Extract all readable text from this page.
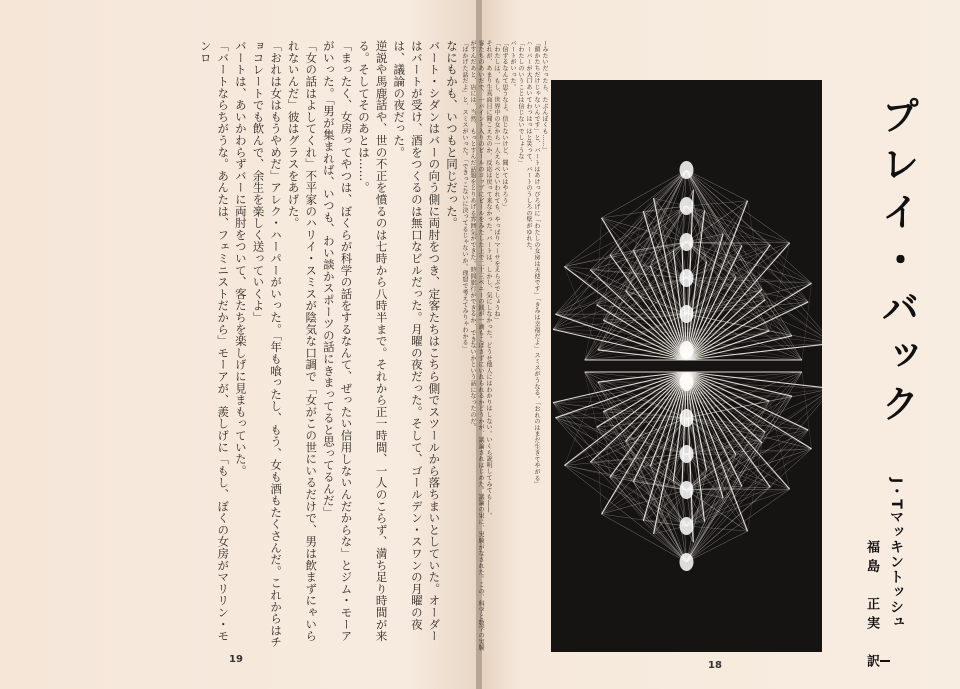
なにもかも、いつもと同じだった。
バート・シダンはバーの向う側に両肘をつき、定客たちはこちら側でスツールから落ちまいとしていた。オーダーはバートが受け、酒をつくるのは無口なビルだった。月曜の夜だった。そして、ゴールデン・スワンの月曜の夜は、議論の夜だった。
逆説や馬鹿話や、世の不正を憤るのは七時から八時半まで。それから正一時間、一人のこらず、満ち足り時間が来る。そしてそのあとは……。
「まったく、女房ってやつは、ぼくらが科学の話をするなんて、ぜったい信用しないんだからな」とジム・モーアがいった。「男が集まれば、いつも、わい談かスポーツの話にきまってると思ってるんだ」
「女の話はよしてくれ」不平家のハリイ・スミスが陰気な口調で「女がこの世にいるだけで、男は飲まずにゃいられないんだ」彼はグラスをあげた。
「おれは女はもうやめだ」アレク・ハーパーがいった。「年も喰ったし、もう、女も酒もたくさんだ。これからはチョコレートでも飲んで、余生を楽しく送っていくよ」
バートは、あいかわらずバーに両肘をついて、客たちを楽しげに見まもっていた。
「バートならちがうな。あんたは、フェミニストだから」モーアが、羨しげに「もし、ぼくの女房がマリリン・モンロ
19
プレイ・バック
J・Tマッキントッシュ
福島　正実　訳
18
ーみたいだったら、たぶんぼくも……」
「顔かたちだけじゃないんです」と、バートはあけっぴろげに「わたしの女房は天使です」「きみは幸福だよ」スミスがうなる。「おれのはまだ生きてやがる」
ハーパーが大口あいてわっはっはと笑って、バートのうしろの壁がゆれた。
「わたしのいうことは信じないでしょうな」
バートがいった。
「信ずるなんて思うなよ。信じないけど、聞いてはやろう」
「わたしは、もし、世界中の女から一人えらべといわれても、やっぱりマーサをえらぶでしょうね」
それが、あまり生真面目に聞こえたのか、反応は戻って来なかった。バートは、しかし、気にしなかった。どうせ他人にはわかりはしない。いくら説明してみても――。
客たちのあいだで、一パイント入りのビールのコップにビールをみたした上で二十三ペニーの銭が一滴もこぼさずにいれられるかどうかが、議論されはじめた。議論の果に、実験がなされた。この、科学と数学の実験がすんだあと、店には、当然、もっとすんだ話題をとりあげる雰囲気ができた。時間旅行ができるか、できないかという話になったのだ。
「ばかげた話だよ」と、スミスがいった。「できっこないに決ってるじゃないか。理窟で考えてみりゃわかる」
